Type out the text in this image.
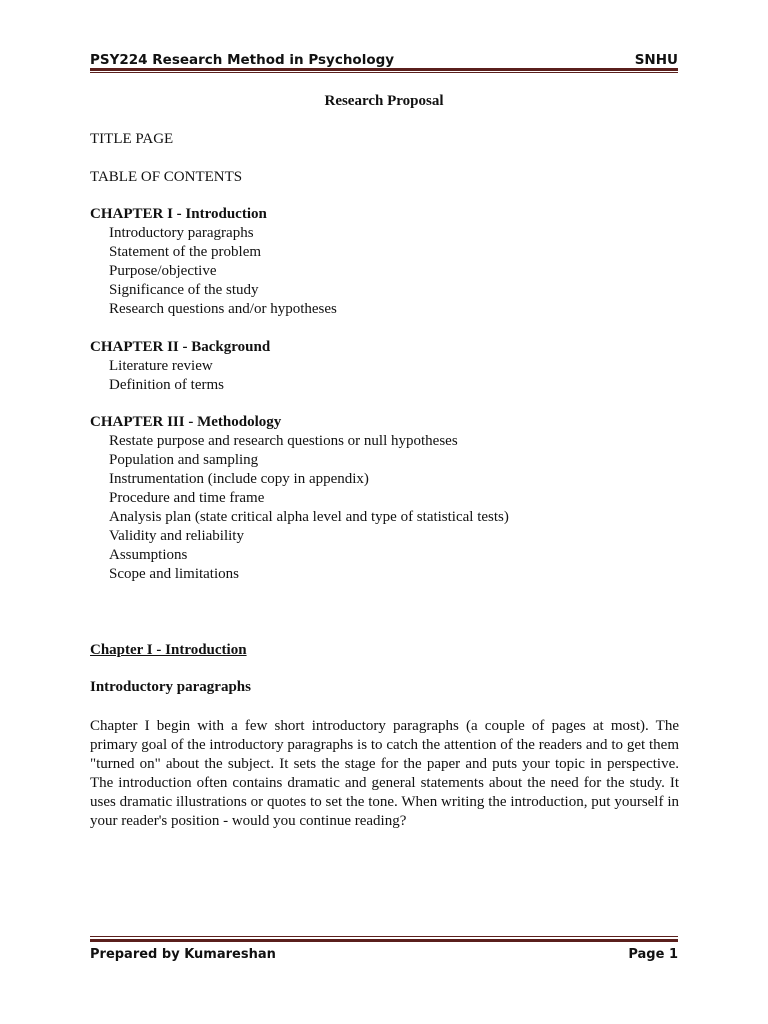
PSY224 Research Method in Psychology	SNHU
Research Proposal
TITLE PAGE
TABLE OF CONTENTS
CHAPTER I - Introduction
Introductory paragraphs
Statement of the problem
Purpose/objective
Significance of the study
Research questions and/or hypotheses
CHAPTER II - Background
Literature review
Definition of terms
CHAPTER III - Methodology
Restate purpose and research questions or null hypotheses
Population and sampling
Instrumentation (include copy in appendix)
Procedure and time frame
Analysis plan (state critical alpha level and type of statistical tests)
Validity and reliability
Assumptions
Scope and limitations
Chapter I - Introduction
Introductory paragraphs

Chapter I begin with a few short introductory paragraphs (a couple of pages at most). The primary goal of the introductory paragraphs is to catch the attention of the readers and to get them "turned on" about the subject. It sets the stage for the paper and puts your topic in perspective. The introduction often contains dramatic and general statements about the need for the study. It uses dramatic illustrations or quotes to set the tone. When writing the introduction, put yourself in your reader's position - would you continue reading?

Prepared by Kumareshan	Page 1
